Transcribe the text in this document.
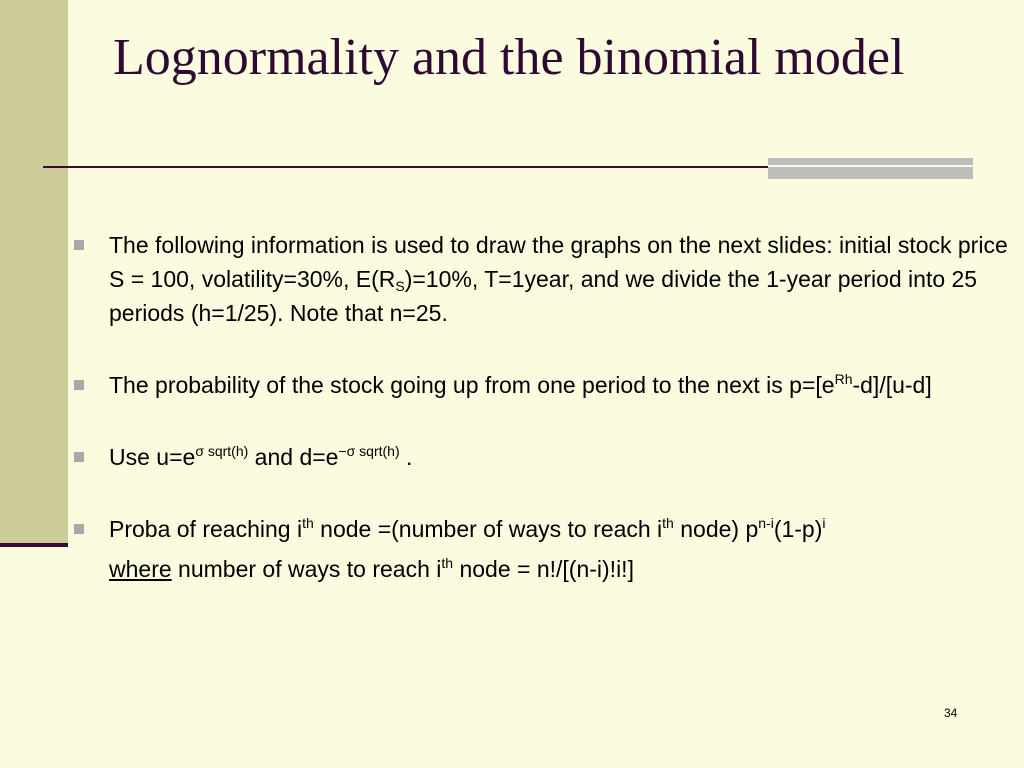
Lognormality and the binomial model
The following information is used to draw the graphs on the next slides: initial stock price S = 100, volatility=30%, $E(R_S)=10\%$, T=1year, and we divide the 1-year period into 25 periods (h=1/25). Note that n=25.
The probability of the stock going up from one period to the next is $p=[e^{Rh}-d]/[u-d]$
Use $u=e^{\sigma sqrt(h)}$ and $d=e^{-\sigma sqrt(h)}$ .
Proba of reaching $i^{th}$ node =(number of ways to reach $i^{th}$ node) $p^{n-i}(1-p)^i$
where number of ways to reach $i^{th}$ node = n!/[(n-i)!i!]
34
